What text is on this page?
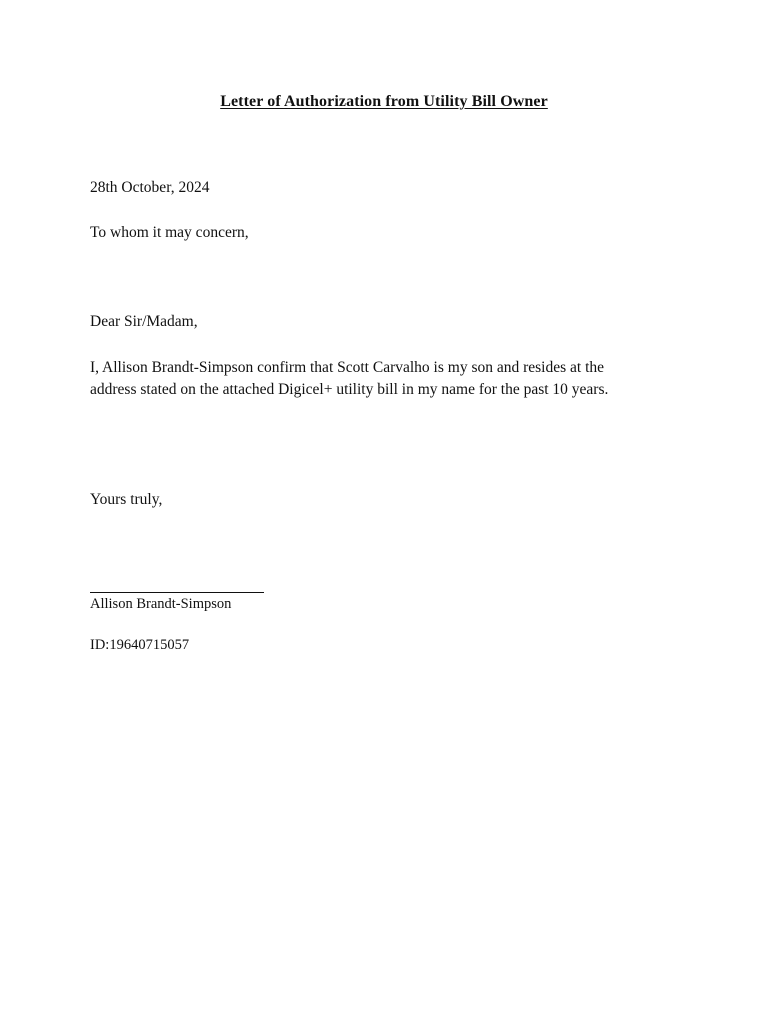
Letter of Authorization from Utility Bill Owner
28th October, 2024
To whom it may concern,
Dear Sir/Madam,
I, Allison Brandt-Simpson confirm that Scott Carvalho is my son and resides at the
address stated on the attached Digicel+ utility bill in my name for the past 10 years.
Yours truly,
Allison Brandt-Simpson
ID:19640715057
